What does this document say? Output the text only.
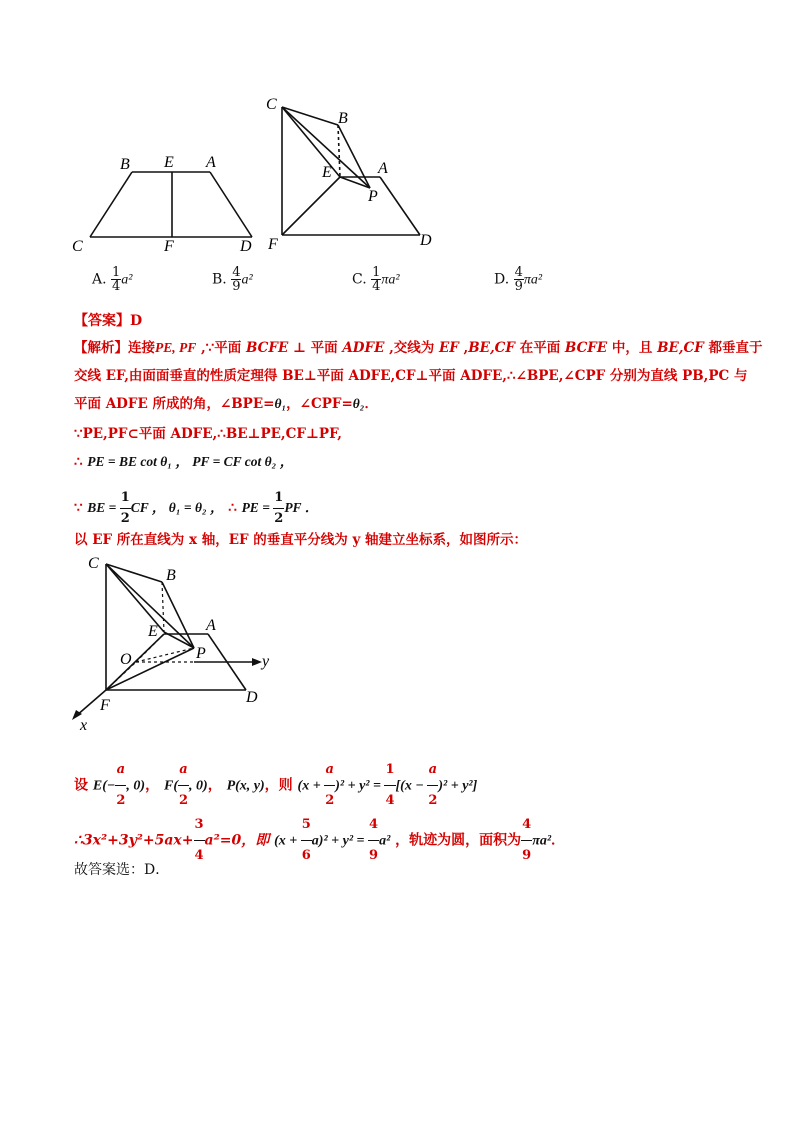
B E A
C	F	D
C
B
E	A
P
F	D
A. $\frac{1}{4} a^2$	B. $\frac{4}{9} a^2$	C. $\frac{1}{4} \pi a^2$	D. $\frac{4}{9} \pi a^2$
【答案】D
【解析】连接PE, PF ,∵平面 BCFE ⊥ 平面 ADFE ,交线为 EF ,BE,CF 在平面 BCFE 中，且 BE,CF 都垂直于
交线 EF,由面面垂直的性质定理得 BE⊥平面 ADFE,CF⊥平面 ADFE,∴∠BPE,∠CPF 分别为直线 PB,PC 与
平面 ADFE 所成的角，∠BPE=θ₁，∠CPF=θ₂．
∵PE,PF⊂平面 ADFE,∴BE⊥PE,CF⊥PF,
∴ PE = BE cot θ₁ ， PF = CF cot θ₂ ，
∵ BE = $\frac{1}{2}$ CF ， θ₁ = θ₂ ， ∴ PE = $\frac{1}{2}$ PF ．
以 EF 所在直线为 x 轴，EF 的垂直平分线为 y 轴建立坐标系，如图所示：
C
B
E	A
O	P	y
F	D
x
设 $E(- \frac{a}{2}$ , 0)， $F( \frac{a}{2}$ , 0)， P(x, y)，则 $(x + \frac{a}{2} )^2 + y^2 = \frac{1}{4} [(x - \frac{a}{2} )^2 + y^2]$
∴3x²+3y²+5ax+ $\frac{3}{4} a^2=0$，即 $(x + \frac{5}{6} a)^2 + y^2 = \frac{4}{9} a^2$ ，轨迹为圆，面积为 $\frac{4}{9} \pi a^2$．
故答案选：D．
